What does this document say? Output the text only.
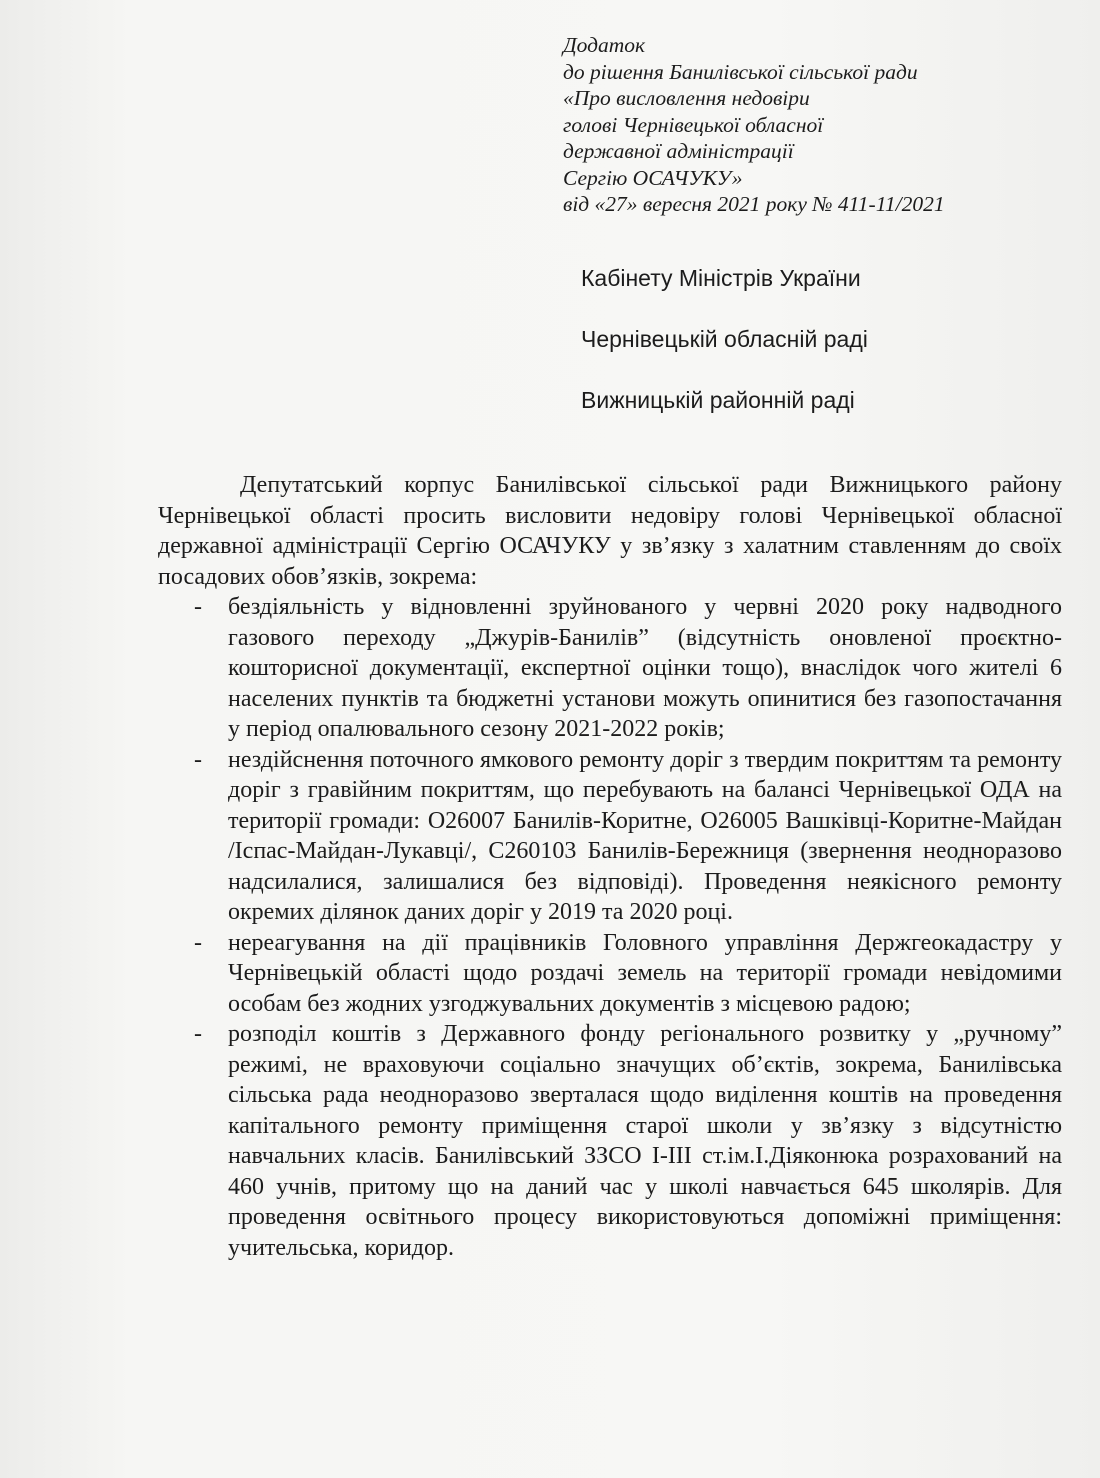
Додаток
до рішення Банилівської сільської ради
«Про висловлення недовіри
голові Чернівецької обласної
державної адміністрації
Сергію ОСАЧУКУ»
від «27» вересня 2021 року № 411-11/2021
Кабінету Міністрів України
Чернівецькій обласній раді
Вижницькій районній раді

Депутатський корпус Банилівської сільської ради Вижницького району Чернівецької області просить висловити недовіру голові Чернівецької обласної державної адміністрації Сергію ОСАЧУКУ у зв’язку з халатним ставленням до своїх посадових обов’язків, зокрема:

- бездіяльність у відновленні зруйнованого у червні 2020 року надводного газового переходу „Джурів-Банилів” (відсутність оновленої проєктно-кошторисної документації, експертної оцінки тощо), внаслідок чого жителі 6 населених пунктів та бюджетні установи можуть опинитися без газопостачання у період опалювального сезону 2021-2022 років;
- нездійснення поточного ямкового ремонту доріг з твердим покриттям та ремонту доріг з гравійним покриттям, що перебувають на балансі Чернівецької ОДА на території громади: О26007 Банилів-Коритне, О26005 Вашківці-Коритне-Майдан /Іспас-Майдан-Лукавці/, С260103 Банилів-Бережниця (звернення неодноразово надсилалися, залишалися без відповіді). Проведення неякісного ремонту окремих ділянок даних доріг у 2019 та 2020 році.
- нереагування на дії працівників Головного управління Держгеокадастру у Чернівецькій області щодо роздачі земель на території громади невідомими особам без жодних узгоджувальних документів з місцевою радою;
- розподіл коштів з Державного фонду регіонального розвитку у „ручному” режимі, не враховуючи соціально значущих об’єктів, зокрема, Банилівська сільська рада неодноразово зверталася щодо виділення коштів на проведення капітального ремонту приміщення старої школи у зв’язку з відсутністю навчальних класів. Банилівський ЗЗСО І-ІІІ ст.ім.І.Діяконюка розрахований на 460 учнів, притому що на даний час у школі навчається 645 школярів. Для проведення освітнього процесу використовуються допоміжні приміщення: учительська, коридор.
